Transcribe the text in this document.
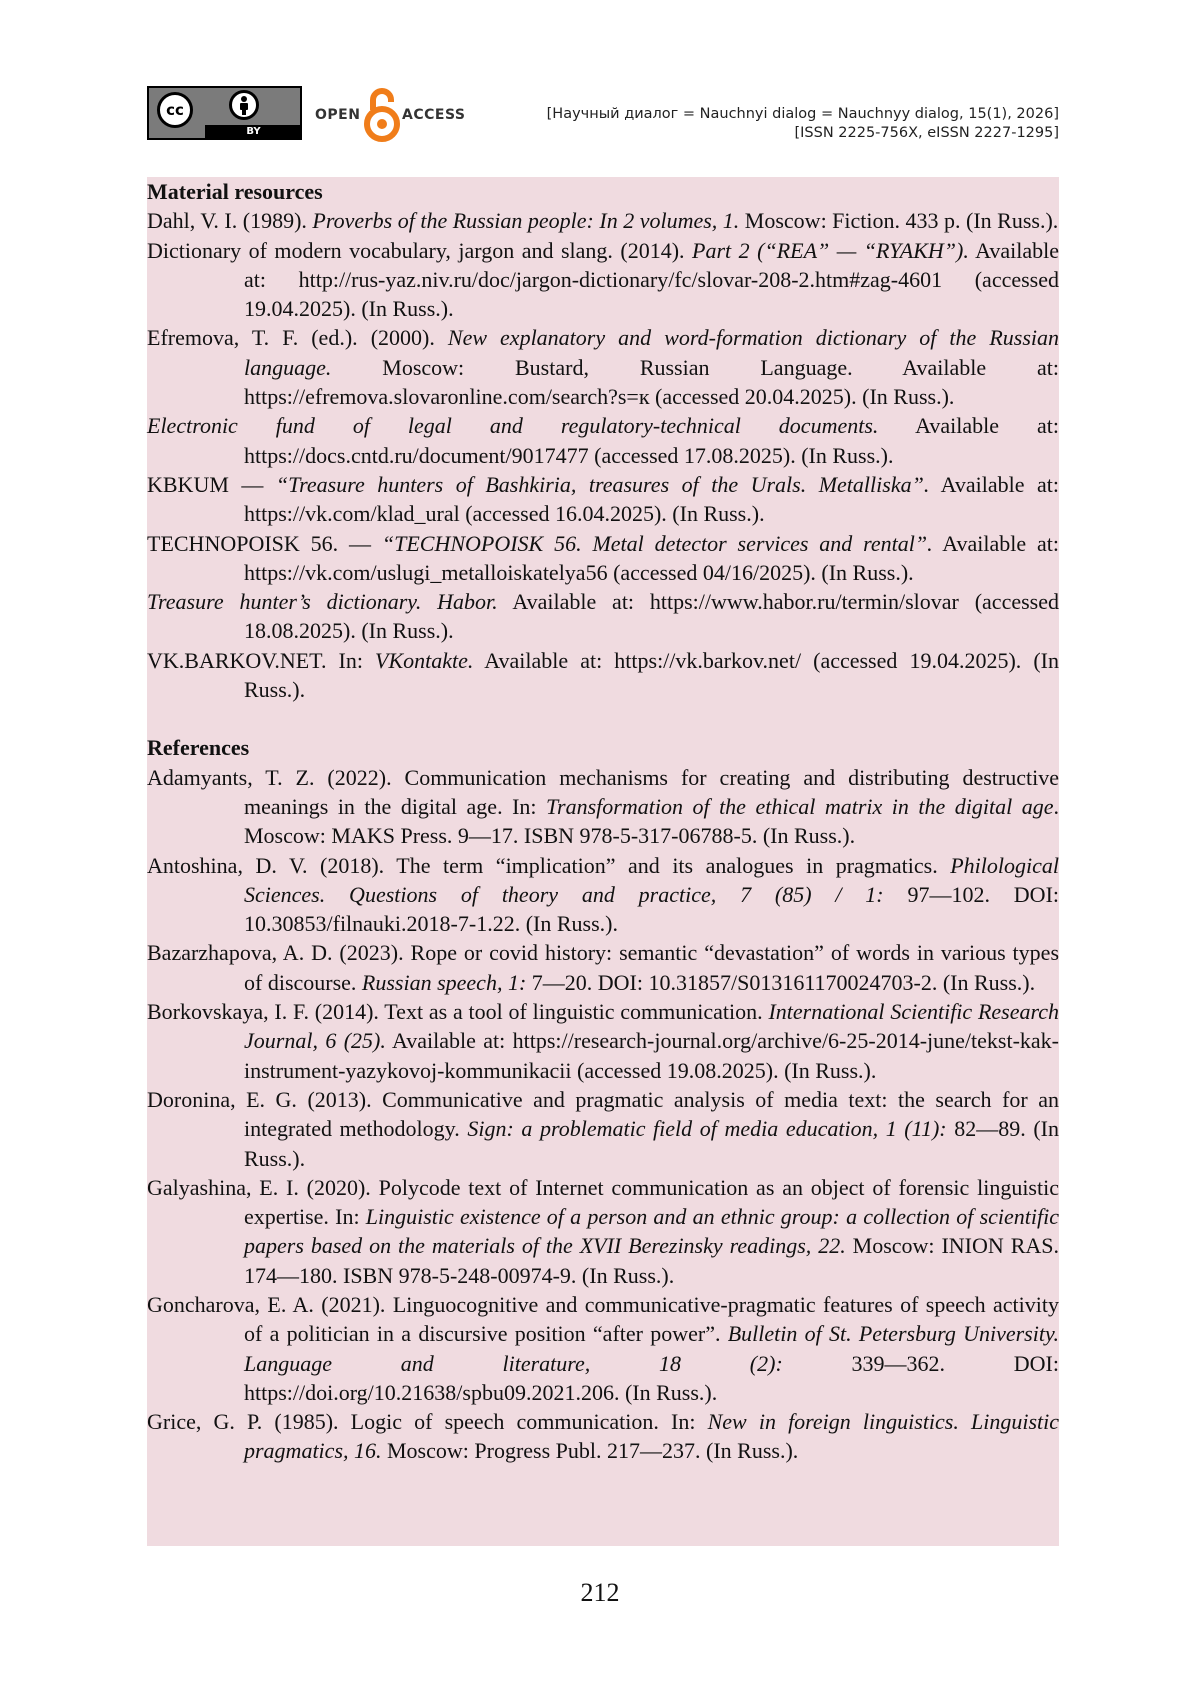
cc
BY
OPEN	ACCESS	[Научный диалог = Nauchnyi dialog = Nauchnyy dialog, 15(1), 2026]
[ISSN 2225-756X, eISSN 2227-1295]

Material resources

Dahl, V. I. (1989). Proverbs of the Russian people: In 2 volumes, 1. Moscow: Fiction. 433 p. (In Russ.).

Dictionary of modern vocabulary, jargon and slang. (2014). Part 2 (“REA” — “RYAKH”). Available at: http://rus-yaz.niv.ru/doc/jargon-dictionary/fc/slovar-208-2.htm#zag-4601 (accessed 19.04.2025). (In Russ.).

Efremova, T. F. (ed.). (2000). New explanatory and word-formation dictionary of the Russian language. Moscow: Bustard, Russian Language. Available at: https://efremova.slovaronline.com/search?s=к (accessed 20.04.2025). (In Russ.).

Electronic fund of legal and regulatory-technical documents. Available at: https://docs.cntd.ru/document/9017477 (accessed 17.08.2025). (In Russ.).

KBKUM — “Treasure hunters of Bashkiria, treasures of the Urals. Metalliska”. Available at: https://vk.com/klad_ural (accessed 16.04.2025). (In Russ.).

TECHNOPOISK 56. — “TECHNOPOISK 56. Metal detector services and rental”. Available at: https://vk.com/uslugi_metalloiskatelya56 (accessed 04/16/2025). (In Russ.).

Treasure hunter’s dictionary. Habor. Available at: https://www.habor.ru/termin/slovar (accessed 18.08.2025). (In Russ.).

VK.BARKOV.NET. In: VKontakte. Available at: https://vk.barkov.net/ (accessed 19.04.2025). (In Russ.).

References

Adamyants, T. Z. (2022). Communication mechanisms for creating and distributing destructive meanings in the digital age. In: Transformation of the ethical matrix in the digital age. Moscow: MAKS Press. 9—17. ISBN 978-5-317-06788-5. (In Russ.).

Antoshina, D. V. (2018). The term “implication” and its analogues in pragmatics. Philological Sciences. Questions of theory and practice, 7 (85) / 1: 97—102. DOI: 10.30853/filnauki.2018-7-1.22. (In Russ.).

Bazarzhapova, A. D. (2023). Rope or covid history: semantic “devastation” of words in various types of discourse. Russian speech, 1: 7—20. DOI: 10.31857/S013161170024703-2. (In Russ.).

Borkovskaya, I. F. (2014). Text as a tool of linguistic communication. International Scientific Research Journal, 6 (25). Available at: https://research-journal.org/archive/6-25-2014-june/tekst-kak-instrument-yazykovoj-kommunikacii (accessed 19.08.2025). (In Russ.).

Doronina, E. G. (2013). Communicative and pragmatic analysis of media text: the search for an integrated methodology. Sign: a problematic field of media education, 1 (11): 82—89. (In Russ.).

Galyashina, E. I. (2020). Polycode text of Internet communication as an object of forensic linguistic expertise. In: Linguistic existence of a person and an ethnic group: a collection of scientific papers based on the materials of the XVII Berezinsky readings, 22. Moscow: INION RAS. 174—180. ISBN 978-5-248-00974-9. (In Russ.).

Goncharova, E. A. (2021). Linguocognitive and communicative-pragmatic features of speech activity of a politician in a discursive position “after power”. Bulletin of St. Petersburg University. Language and literature, 18 (2): 339—362. DOI: https://doi.org/10.21638/spbu09.2021.206. (In Russ.).

Grice, G. P. (1985). Logic of speech communication. In: New in foreign linguistics. Linguistic pragmatics, 16. Moscow: Progress Publ. 217—237. (In Russ.).

212
